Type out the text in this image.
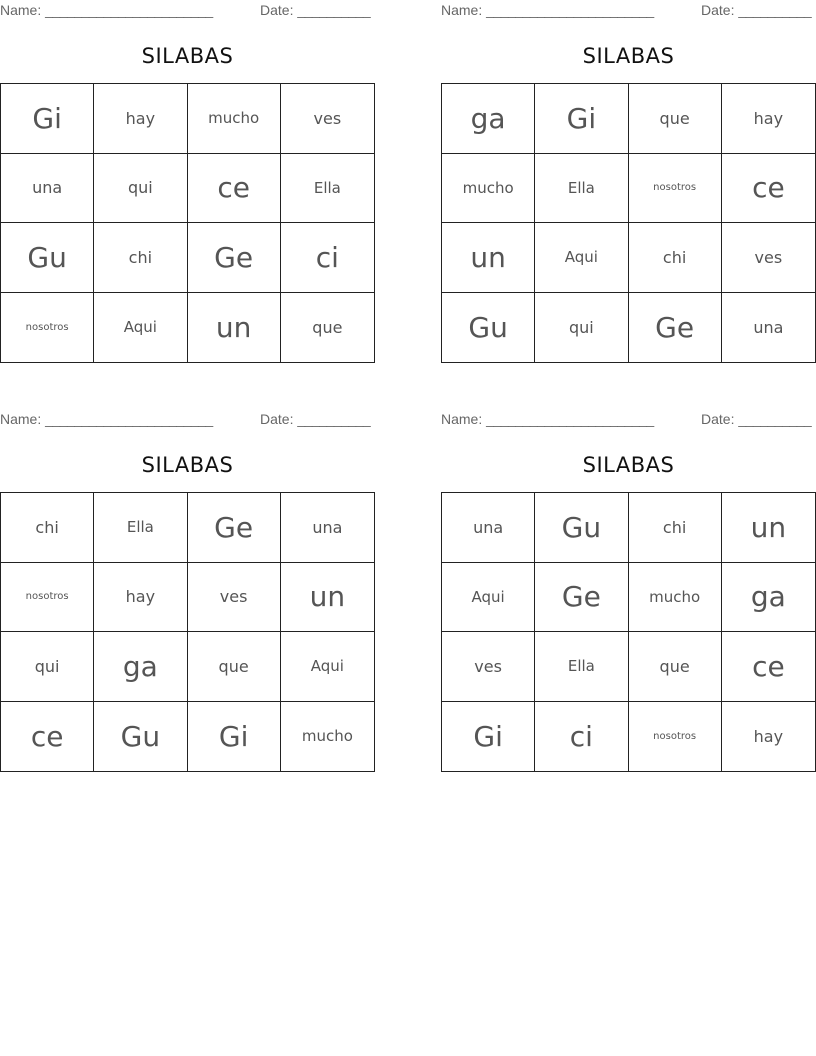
Name: _______________________	Date: __________
SILABAS
Gi	hay	mucho	ves
una	qui	ce	Ella
Gu	chi	Ge	ci
nosotros	Aqui	un	que
Name: _______________________	Date: __________
SILABAS
ga	Gi	que	hay
mucho	Ella	nosotros	ce
un	Aqui	chi	ves
Gu	qui	Ge	una
Name: _______________________	Date: __________
SILABAS
chi	Ella	Ge	una
nosotros	hay	ves	un
qui	ga	que	Aqui
ce	Gu	Gi	mucho
Name: _______________________	Date: __________
SILABAS
una	Gu	chi	un
Aqui	Ge	mucho	ga
ves	Ella	que	ce
Gi	ci	nosotros	hay
